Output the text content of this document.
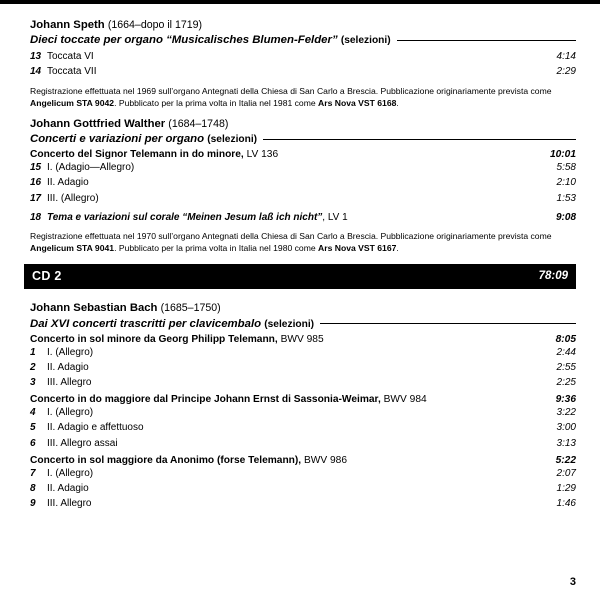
Johann Speth (1664–dopo il 1719)
Dieci toccate per organo “Musicalisches Blumen-Felder” (selezioni)
13 Toccata VI	4:14
14 Toccata VII	2:29
Registrazione effettuata nel 1969 sull’organo Antegnati della Chiesa di San Carlo a Brescia. Pubblicazione originariamente prevista come Angelicum STA 9042. Pubblicato per la prima volta in Italia nel 1981 come Ars Nova VST 6168.
Johann Gottfried Walther (1684–1748)
Concerti e variazioni per organo (selezioni)
Concerto del Signor Telemann in do minore, LV 136	10:01
15 I. (Adagio—Allegro)	5:58
16 II. Adagio	2:10
17 III. (Allegro)	1:53
18 Tema e variazioni sul corale “Meinen Jesum laß ich nicht”, LV 1	9:08
Registrazione effettuata nel 1970 sull’organo Antegnati della Chiesa di San Carlo a Brescia. Pubblicazione originariamente prevista come Angelicum STA 9041. Pubblicato per la prima volta in Italia nel 1980 come Ars Nova VST 6167.
CD 2	78:09
Johann Sebastian Bach (1685–1750)
Dai XVI concerti trascritti per clavicembalo (selezioni)
Concerto in sol minore da Georg Philipp Telemann, BWV 985	8:05
1	I. (Allegro)	2:44
2	II. Adagio	2:55
3	III. Allegro	2:25
Concerto in do maggiore dal Principe Johann Ernst di Sassonia-Weimar, BWV 984	9:36
4	I. (Allegro)	3:22
5	II. Adagio e affettuoso	3:00
6	III. Allegro assai	3:13
Concerto in sol maggiore da Anonimo (forse Telemann), BWV 986	5:22
7	I. (Allegro)	2:07
8	II. Adagio	1:29
9	III. Allegro	1:46
3
